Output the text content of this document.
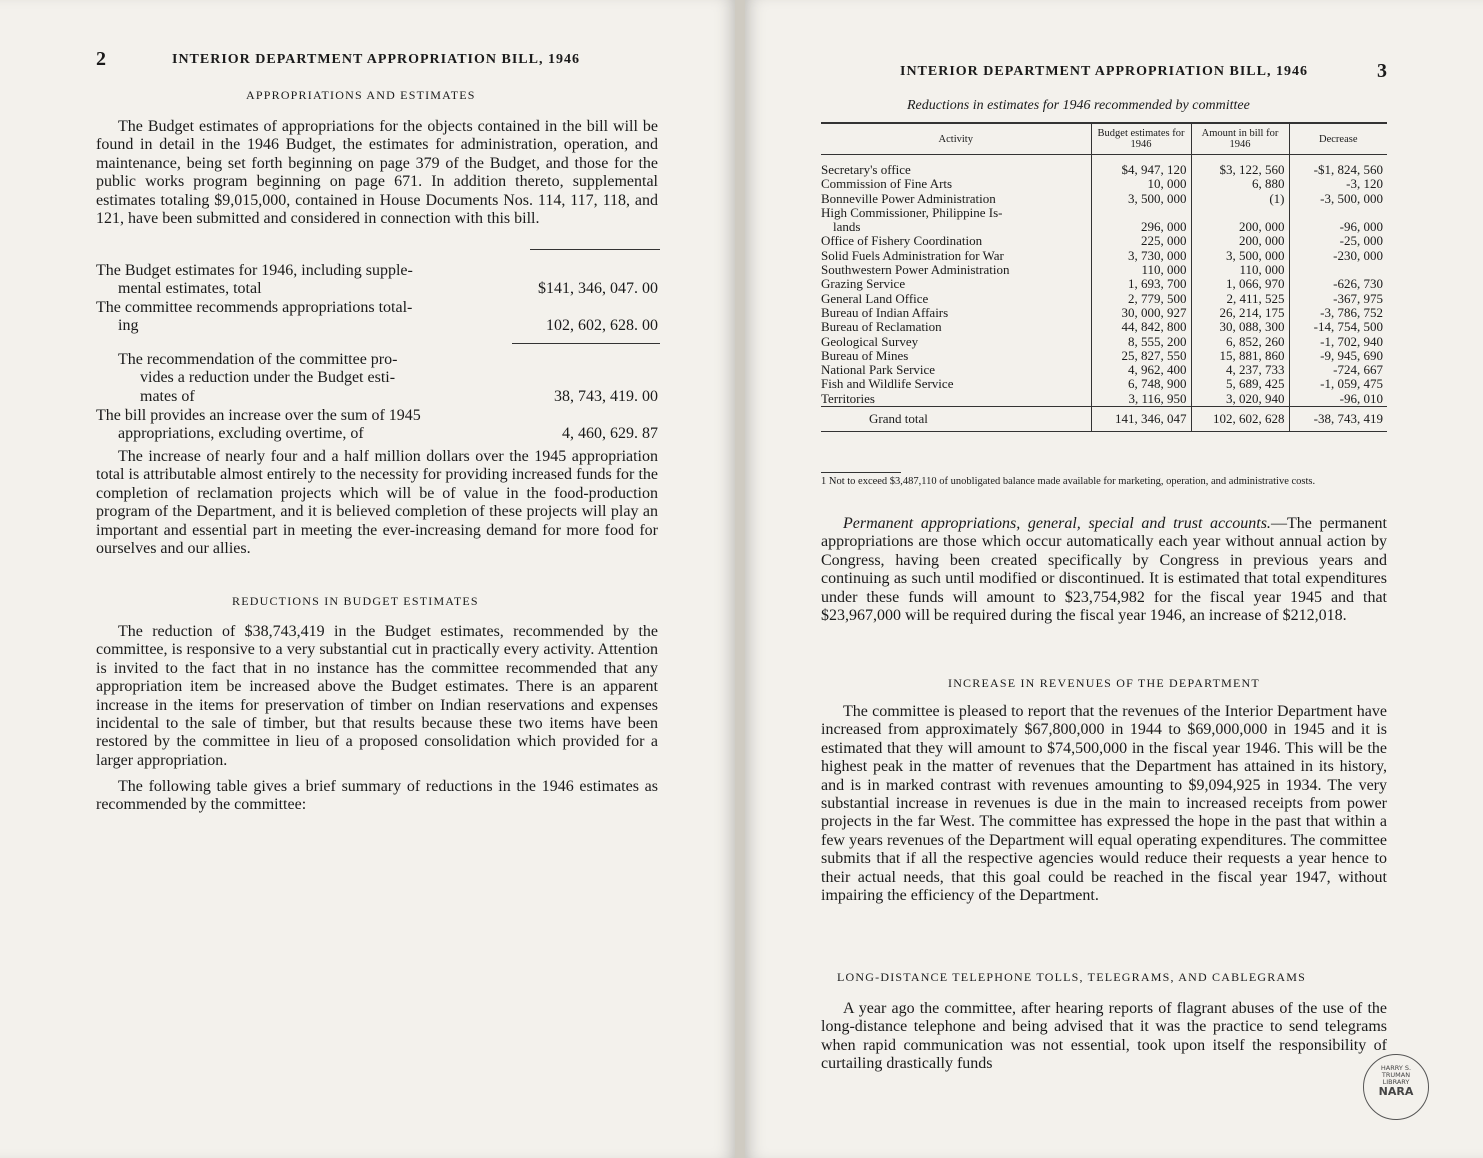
2	INTERIOR DEPARTMENT APPROPRIATION BILL, 1946
APPROPRIATIONS AND ESTIMATES

The Budget estimates of appropriations for the objects contained in the bill will be found in detail in the 1946 Budget, the estimates for administration, operation, and maintenance, being set forth beginning on page 379 of the Budget, and those for the public works program beginning on page 671. In addition thereto, supplemental estimates totaling $9,015,000, contained in House Documents Nos. 114, 117, 118, and 121, have been submitted and considered in connection with this bill.

The Budget estimates for 1946, including supple-
mental estimates, total	$141, 346, 047. 00
The committee recommends appropriations total-
ing	102, 602, 628. 00
The recommendation of the committee pro-
vides a reduction under the Budget esti-
mates of	38, 743, 419. 00
The bill provides an increase over the sum of 1945
appropriations, excluding overtime, of	4, 460, 629. 87

The increase of nearly four and a half million dollars over the 1945 appropriation total is attributable almost entirely to the necessity for providing increased funds for the completion of reclamation projects which will be of value in the food-production program of the Department, and it is believed completion of these projects will play an important and essential part in meeting the ever-increasing demand for more food for ourselves and our allies.

REDUCTIONS IN BUDGET ESTIMATES

The reduction of $38,743,419 in the Budget estimates, recommended by the committee, is responsive to a very substantial cut in practically every activity. Attention is invited to the fact that in no instance has the committee recommended that any appropriation item be increased above the Budget estimates. There is an apparent increase in the items for preservation of timber on Indian reservations and expenses incidental to the sale of timber, but that results because these two items have been restored by the committee in lieu of a proposed consolidation which provided for a larger appropriation.

The following table gives a brief summary of reductions in the 1946 estimates as recommended by the committee:

INTERIOR DEPARTMENT APPROPRIATION BILL, 1946	3
Reductions in estimates for 1946 recommended by committee
Activity	Budget estimates for 1946	Amount in bill for 1946	Decrease
Secretary's office	$4, 947, 120	$3, 122, 560	-$1, 824, 560
Commission of Fine Arts	10, 000	6, 880	-3, 120
Bonneville Power Administration	3, 500, 000	(1)	-3, 500, 000
High Commissioner, Philippine Is-			
lands	296, 000	200, 000	-96, 000
Office of Fishery Coordination	225, 000	200, 000	-25, 000
Solid Fuels Administration for War	3, 730, 000	3, 500, 000	-230, 000
Southwestern Power Administration	110, 000	110, 000	
Grazing Service	1, 693, 700	1, 066, 970	-626, 730
General Land Office	2, 779, 500	2, 411, 525	-367, 975
Bureau of Indian Affairs	30, 000, 927	26, 214, 175	-3, 786, 752
Bureau of Reclamation	44, 842, 800	30, 088, 300	-14, 754, 500
Geological Survey	8, 555, 200	6, 852, 260	-1, 702, 940
Bureau of Mines	25, 827, 550	15, 881, 860	-9, 945, 690
National Park Service	4, 962, 400	4, 237, 733	-724, 667
Fish and Wildlife Service	6, 748, 900	5, 689, 425	-1, 059, 475
Territories	3, 116, 950	3, 020, 940	-96, 010
Grand total	141, 346, 047	102, 602, 628	-38, 743, 419
1 Not to exceed $3,487,110 of unobligated balance made available for marketing, operation, and administrative costs.

Permanent appropriations, general, special and trust accounts.—The permanent appropriations are those which occur automatically each year without annual action by Congress, having been created specifically by Congress in previous years and continuing as such until modified or discontinued. It is estimated that total expenditures under these funds will amount to $23,754,982 for the fiscal year 1945 and that $23,967,000 will be required during the fiscal year 1946, an increase of $212,018.

INCREASE IN REVENUES OF THE DEPARTMENT

The committee is pleased to report that the revenues of the Interior Department have increased from approximately $67,800,000 in 1944 to $69,000,000 in 1945 and it is estimated that they will amount to $74,500,000 in the fiscal year 1946. This will be the highest peak in the matter of revenues that the Department has attained in its history, and is in marked contrast with revenues amounting to $9,094,925 in 1934. The very substantial increase in revenues is due in the main to increased receipts from power projects in the far West. The committee has expressed the hope in the past that within a few years revenues of the Department will equal operating expenditures. The committee submits that if all the respective agencies would reduce their requests a year hence to their actual needs, that this goal could be reached in the fiscal year 1947, without impairing the efficiency of the Department.

LONG-DISTANCE TELEPHONE TOLLS, TELEGRAMS, AND CABLEGRAMS

A year ago the committee, after hearing reports of flagrant abuses of the use of the long-distance telephone and being advised that it was the practice to send telegrams when rapid communication was not essential, took upon itself the responsibility of curtailing drastically funds	HARRY S. TRUMAN LIBRARY
NARA
